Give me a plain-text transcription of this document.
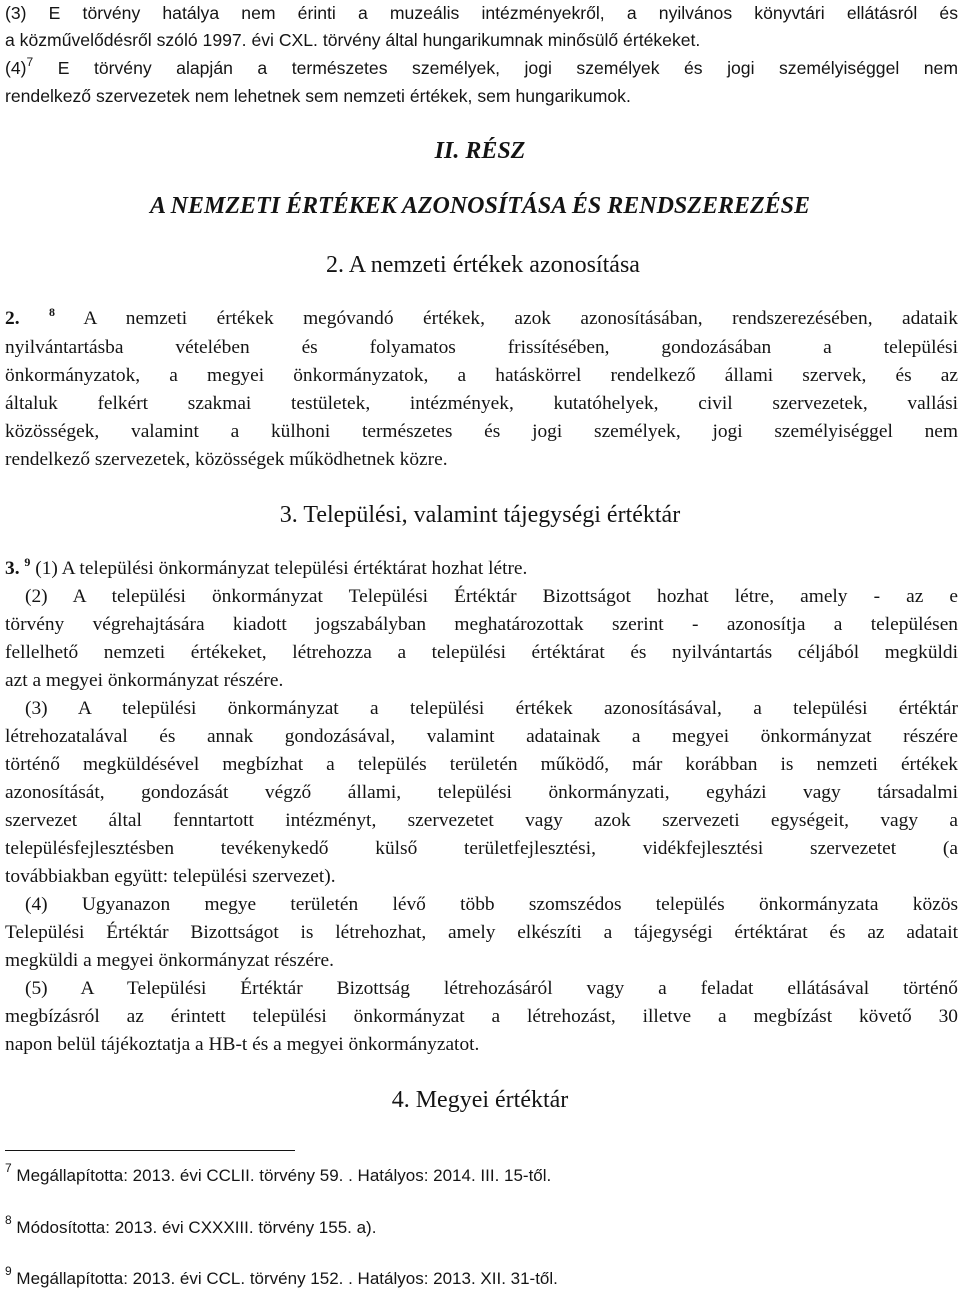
(3) E törvény hatálya nem érinti a muzeális intézményekről, a nyilvános könyvtári ellátásról és
a közművelődésről szóló 1997. évi CXL. törvény által hungarikumnak minősülő értékeket.
$(4)^7$ E törvény alapján a természetes személyek, jogi személyek és jogi személyiséggel nem
rendelkező szervezetek nem lehetnek sem nemzeti értékek, sem hungarikumok.
II. RÉSZ
A NEMZETI ÉRTÉKEK AZONOSÍTÁSA ÉS RENDSZEREZÉSE
2. A nemzeti értékek azonosítása
2. $^8$ A nemzeti értékek megóvandó értékek, azok azonosításában, rendszerezésében, adataik
nyilvántartásba vételében és folyamatos frissítésében, gondozásában a települési
önkormányzatok, a megyei önkormányzatok, a hatáskörrel rendelkező állami szervek, és az
általuk felkért szakmai testületek, intézmények, kutatóhelyek, civil szervezetek, vallási
közösségek, valamint a külhoni természetes és jogi személyek, jogi személyiséggel nem
rendelkező szervezetek, közösségek működhetnek közre.
3. Települési, valamint tájegységi értéktár
3. $^9$ (1) A települési önkormányzat települési értéktárat hozhat létre.
(2) A települési önkormányzat Települési Értéktár Bizottságot hozhat létre, amely - az e
törvény végrehajtására kiadott jogszabályban meghatározottak szerint - azonosítja a településen
fellelhető nemzeti értékeket, létrehozza a települési értéktárat és nyilvántartás céljából megküldi
azt a megyei önkormányzat részére.
(3) A települési önkormányzat a települési értékek azonosításával, a települési értéktár
létrehozatalával és annak gondozásával, valamint adatainak a megyei önkormányzat részére
történő megküldésével megbízhat a település területén működő, már korábban is nemzeti értékek
azonosítását, gondozását végző állami, települési önkormányzati, egyházi vagy társadalmi
szervezet által fenntartott intézményt, szervezetet vagy azok szervezeti egységeit, vagy a
településfejlesztésben tevékenykedő külső területfejlesztési, vidékfejlesztési szervezetet (a
továbbiakban együtt: települési szervezet).
(4) Ugyanazon megye területén lévő több szomszédos település önkormányzata közös
Települési Értéktár Bizottságot is létrehozhat, amely elkészíti a tájegységi értéktárat és az adatait
megküldi a megyei önkormányzat részére.
(5) A Települési Értéktár Bizottság létrehozásáról vagy a feladat ellátásával történő
megbízásról az érintett települési önkormányzat a létrehozást, illetve a megbízást követő 30
napon belül tájékoztatja a HB-t és a megyei önkormányzatot.
4. Megyei értéktár
$^7$ Megállapította: 2013. évi CCLII. törvény 59. . Hatályos: 2014. III. 15-től.
$^8$ Módosította: 2013. évi CXXXIII. törvény 155. a).
$^9$ Megállapította: 2013. évi CCL. törvény 152. . Hatályos: 2013. XII. 31-től.
